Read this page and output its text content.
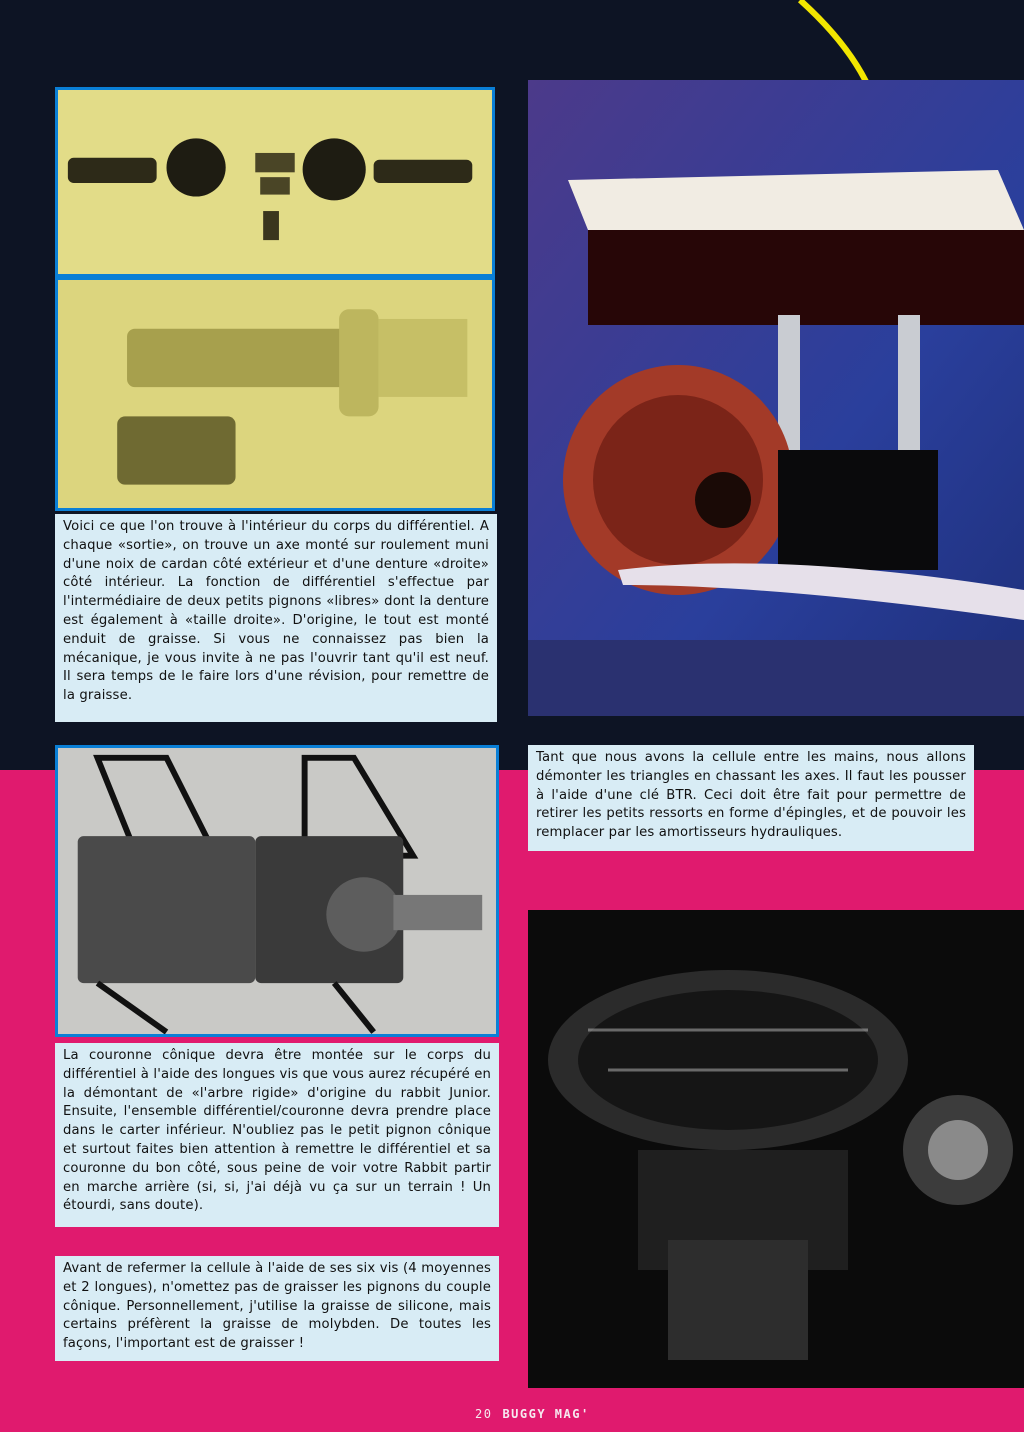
Voici ce que l'on trouve à l'intérieur du corps du différentiel. A chaque «sortie», on trouve un axe monté sur roulement muni d'une noix de cardan côté extérieur et d'une denture «droite» côté intérieur. La fonction de différentiel s'effectue par l'intermédiaire de deux petits pignons «libres» dont la denture est également à «taille droite». D'origine, le tout est monté enduit de graisse. Si vous ne connaissez pas bien la mécanique, je vous invite à ne pas l'ouvrir tant qu'il est neuf. Il sera temps de le faire lors d'une révision, pour remettre de la graisse.
Tant que nous avons la cellule entre les mains, nous allons démonter les triangles en chassant les axes. Il faut les pousser à l'aide d'une clé BTR. Ceci doit être fait pour permettre de retirer les petits ressorts en forme d'épingles, et de pouvoir les remplacer par les amortisseurs hydrauliques.
La couronne cônique devra être montée sur le corps du différentiel à l'aide des longues vis que vous aurez récupéré en la démontant de «l'arbre rigide» d'origine du rabbit Junior. Ensuite, l'ensemble différentiel/couronne devra prendre place dans le carter inférieur. N'oubliez pas le petit pignon cônique et surtout faites bien attention à remettre le différentiel et sa couronne du bon côté, sous peine de voir votre Rabbit partir en marche arrière (si, si, j'ai déjà vu ça sur un terrain ! Un étourdi, sans doute).
Avant de refermer la cellule à l'aide de ses six vis (4 moyennes et 2 longues), n'omettez pas de graisser les pignons du couple cônique. Personnellement, j'utilise la graisse de silicone, mais certains préfèrent la graisse de molybden. De toutes les façons, l'important est de graisser !
20 BUGGY MAG'
